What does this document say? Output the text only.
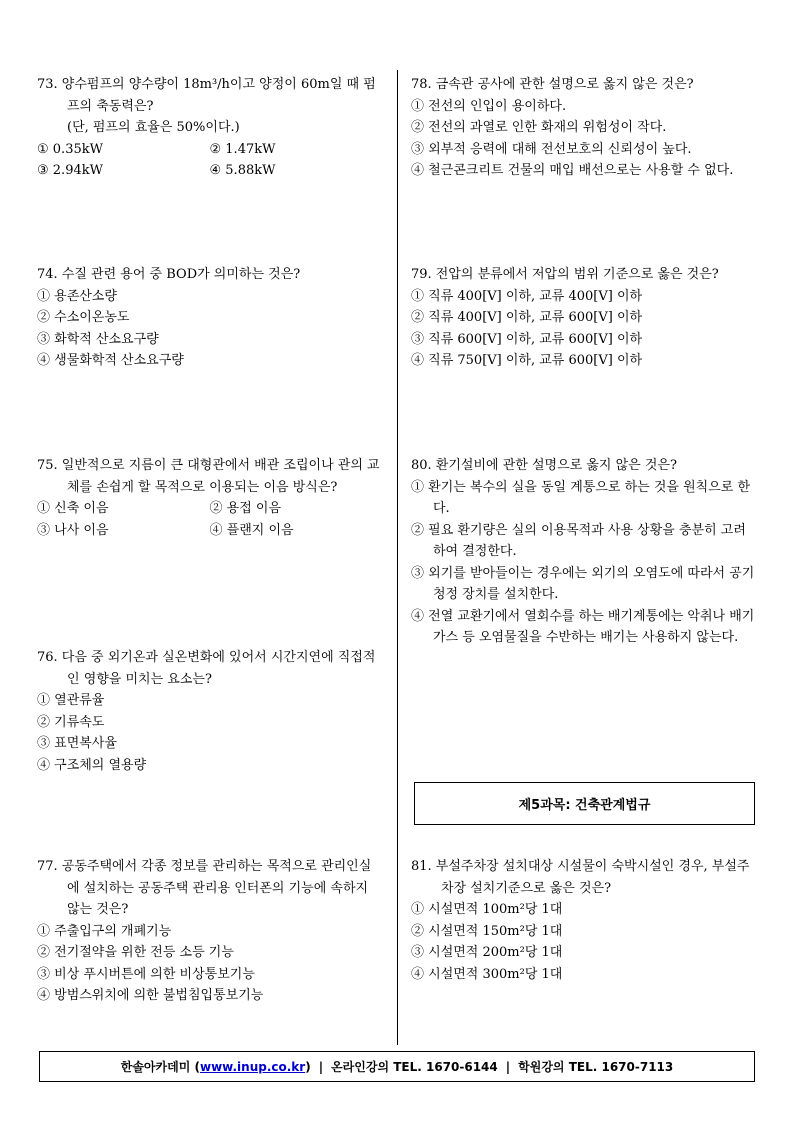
73. 양수펌프의 양수량이 18m³/h이고 양정이 60m일 때 펌프의 축동력은?
(단, 펌프의 효율은 50%이다.)
① 0.35kW	② 1.47kW
③ 2.94kW	④ 5.88kW
74. 수질 관련 용어 중 BOD가 의미하는 것은?
① 용존산소량
② 수소이온농도
③ 화학적 산소요구량
④ 생물화학적 산소요구량
75. 일반적으로 지름이 큰 대형관에서 배관 조립이나 관의 교체를 손쉽게 할 목적으로 이용되는 이음 방식은?
① 신축 이음	② 용접 이음
③ 나사 이음	④ 플랜지 이음
76. 다음 중 외기온과 실온변화에 있어서 시간지연에 직접적인 영향을 미치는 요소는?
① 열관류율
② 기류속도
③ 표면복사율
④ 구조체의 열용량
77. 공동주택에서 각종 정보를 관리하는 목적으로 관리인실에 설치하는 공동주택 관리용 인터폰의 기능에 속하지 않는 것은?
① 주출입구의 개폐기능
② 전기절약을 위한 전등 소등 기능
③ 비상 푸시버튼에 의한 비상통보기능
④ 방범스위치에 의한 불법침입통보기능
78. 금속관 공사에 관한 설명으로 옳지 않은 것은?
① 전선의 인입이 용이하다.
② 전선의 과열로 인한 화재의 위험성이 작다.
③ 외부적 응력에 대해 전선보호의 신뢰성이 높다.
④ 철근콘크리트 건물의 매입 배선으로는 사용할 수 없다.
79. 전압의 분류에서 저압의 범위 기준으로 옳은 것은?
① 직류 400[V] 이하, 교류 400[V] 이하
② 직류 400[V] 이하, 교류 600[V] 이하
③ 직류 600[V] 이하, 교류 600[V] 이하
④ 직류 750[V] 이하, 교류 600[V] 이하
80. 환기설비에 관한 설명으로 옳지 않은 것은?
① 환기는 복수의 실을 동일 계통으로 하는 것을 원칙으로 한다.
② 필요 환기량은 실의 이용목적과 사용 상황을 충분히 고려하여 결정한다.
③ 외기를 받아들이는 경우에는 외기의 오염도에 따라서 공기청정 장치를 설치한다.
④ 전열 교환기에서 열회수를 하는 배기계통에는 악취나 배기가스 등 오염물질을 수반하는 배기는 사용하지 않는다.
제5과목: 건축관계법규
81. 부설주차장 설치대상 시설물이 숙박시설인 경우, 부설주차장 설치기준으로 옳은 것은?
① 시설면적 100m²당 1대
② 시설면적 150m²당 1대
③ 시설면적 200m²당 1대
④ 시설면적 300m²당 1대
한솔아카데미
( www.inup.co.kr ) | 온라인강의 TEL. 1670-6144 | 학원강의 TEL. 1670-7113
